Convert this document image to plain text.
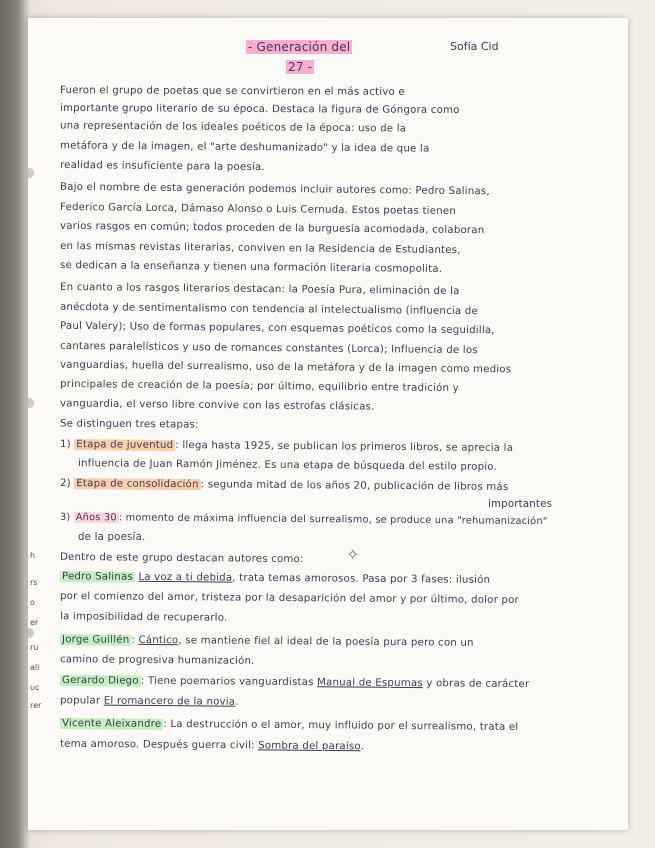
h
rs
o
er
ru
ali
uc
rer
- Generación del
27 -
Sofía Cid
Fueron el grupo de poetas que se convirtieron en el más activo e
importante grupo literario de su época. Destaca la figura de Góngora como
una representación de los ideales poéticos de la época: uso de la
metáfora y de la imagen, el "arte deshumanizado" y la idea de que la
realidad es insuficiente para la poesía.
Bajo el nombre de esta generación podemos incluir autores como: Pedro Salinas,
Federico García Lorca, Dámaso Alonso o Luis Cernuda. Estos poetas tienen
varios rasgos en común; todos proceden de la burguesía acomodada, colaboran
en las mismas revistas literarias, conviven en la Residencia de Estudiantes,
se dedican a la enseñanza y tienen una formación literaria cosmopolita.
En cuanto a los rasgos literarios destacan: la Poesía Pura, eliminación de la
anécdota y de sentimentalismo con tendencia al intelectualismo (influencia de
Paul Valery); Uso de formas populares, con esquemas poéticos como la seguidilla,
cantares paralelísticos y uso de romances constantes (Lorca); Influencia de los
vanguardias, huella del surrealismo, uso de la metáfora y de la imagen como medios
principales de creación de la poesía; por último, equilibrio entre tradición y
vanguardia, el verso libre convive con las estrofas clásicas.
Se distinguen tres etapas:
1) Etapa de juventud : llega hasta 1925, se publican los primeros libros, se aprecia la
influencia de Juan Ramón Jiménez. Es una etapa de búsqueda del estilo propio.
2) Etapa de consolidación : segunda mitad de los años 20, publicación de libros más
importantes
3) Años 30 : momento de máxima influencia del surrealismo, se produce una "rehumanización"
de la poesía.
Dentro de este grupo destacan autores como:	✧
Pedro Salinas La voz a ti debida, trata temas amorosos. Pasa por 3 fases: ilusión
por el comienzo del amor, tristeza por la desaparición del amor y por último, dolor por
la imposibilidad de recuperarlo.
Jorge Guillén : Cántico, se mantiene fiel al ideal de la poesía pura pero con un
camino de progresiva humanización.
Gerardo Diego : Tiene poemarios vanguardistas Manual de Espumas y obras de carácter
popular El romancero de la novia.
Vicente Aleixandre : La destrucción o el amor, muy influido por el surrealismo, trata el
tema amoroso. Después guerra civil: Sombra del paraíso.
